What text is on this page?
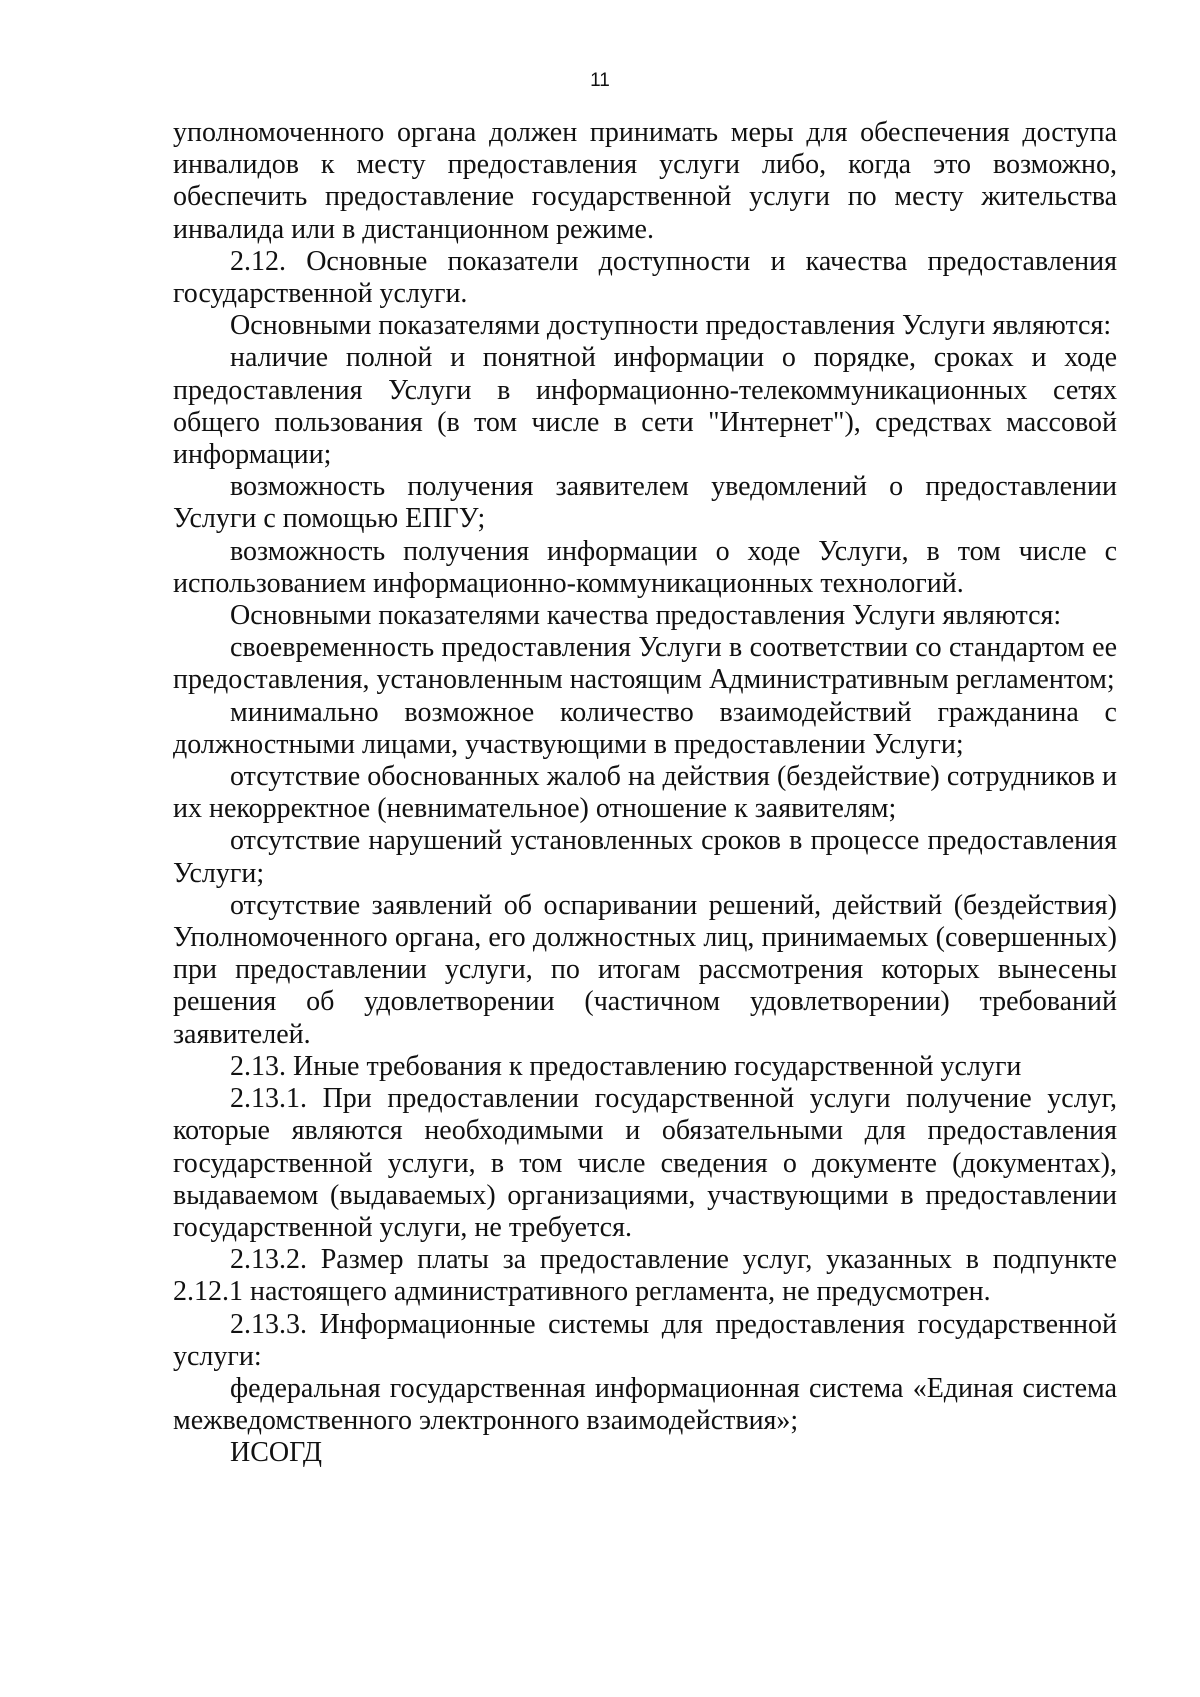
11

уполномоченного органа должен принимать меры для обеспечения доступа инвалидов к месту предоставления услуги либо, когда это возможно, обеспечить предоставление государственной услуги по месту жительства инвалида или в дистанционном режиме.

2.12. Основные показатели доступности и качества предоставления государственной услуги.

Основными показателями доступности предоставления Услуги являются:

наличие полной и понятной информации о порядке, сроках и ходе предоставления Услуги в информационно-телекоммуникационных сетях общего пользования (в том числе в сети "Интернет"), средствах массовой информации;

возможность получения заявителем уведомлений о предоставлении Услуги с помощью ЕПГУ;

возможность получения информации о ходе Услуги, в том числе с использованием информационно-коммуникационных технологий.

Основными показателями качества предоставления Услуги являются:

своевременность предоставления Услуги в соответствии со стандартом ее предоставления, установленным настоящим Административным регламентом;

минимально возможное количество взаимодействий гражданина с должностными лицами, участвующими в предоставлении Услуги;

отсутствие обоснованных жалоб на действия (бездействие) сотрудников и их некорректное (невнимательное) отношение к заявителям;

отсутствие нарушений установленных сроков в процессе предоставления Услуги;

отсутствие заявлений об оспаривании решений, действий (бездействия) Уполномоченного органа, его должностных лиц, принимаемых (совершенных) при предоставлении услуги, по итогам рассмотрения которых вынесены решения об удовлетворении (частичном удовлетворении) требований заявителей.

2.13. Иные требования к предоставлению государственной услуги

2.13.1. При предоставлении государственной услуги получение услуг, которые являются необходимыми и обязательными для предоставления государственной услуги, в том числе сведения о документе (документах), выдаваемом (выдаваемых) организациями, участвующими в предоставлении государственной услуги, не требуется.

2.13.2. Размер платы за предоставление услуг, указанных в подпункте 2.12.1 настоящего административного регламента, не предусмотрен.

2.13.3. Информационные системы для предоставления государственной услуги:

федеральная государственная информационная система «Единая система межведомственного электронного взаимодействия»;

ИСОГД
